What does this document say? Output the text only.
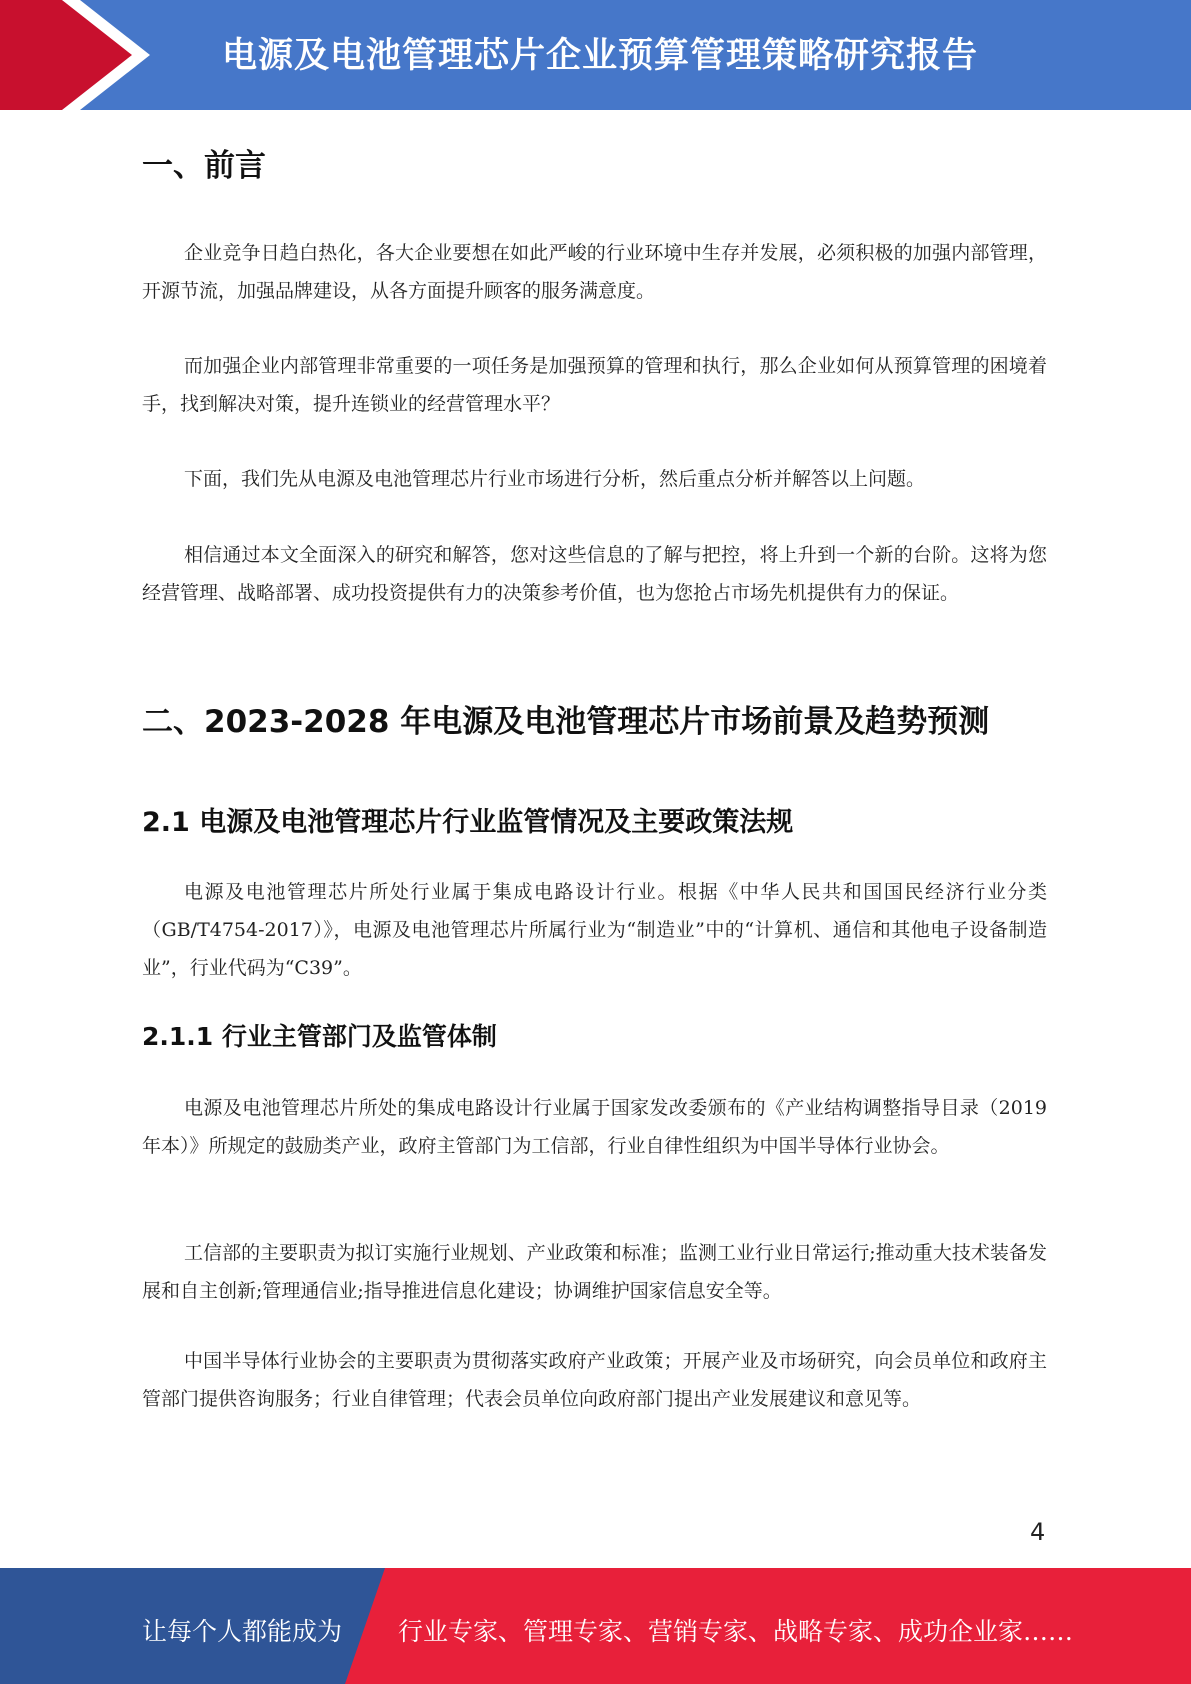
电源及电池管理芯片企业预算管理策略研究报告
一、前言

企业竞争日趋白热化，各大企业要想在如此严峻的行业环境中生存并发展，必须积极的加强内部管理，开源节流，加强品牌建设，从各方面提升顾客的服务满意度。

而加强企业内部管理非常重要的一项任务是加强预算的管理和执行，那么企业如何从预算管理的困境着手，找到解决对策，提升连锁业的经营管理水平？

下面，我们先从电源及电池管理芯片行业市场进行分析，然后重点分析并解答以上问题。

相信通过本文全面深入的研究和解答，您对这些信息的了解与把控，将上升到一个新的台阶。这将为您经营管理、战略部署、成功投资提供有力的决策参考价值，也为您抢占市场先机提供有力的保证。

二、2023-2028 年电源及电池管理芯片市场前景及趋势预测
2.1 电源及电池管理芯片行业监管情况及主要政策法规

电源及电池管理芯片所处行业属于集成电路设计行业。根据《中华人民共和国国民经济行业分类（GB/T4754-2017）》，电源及电池管理芯片所属行业为“制造业”中的“计算机、通信和其他电子设备制造业”，行业代码为“C39”。

2.1.1 行业主管部门及监管体制

电源及电池管理芯片所处的集成电路设计行业属于国家发改委颁布的《产业结构调整指导目录（2019 年本）》所规定的鼓励类产业，政府主管部门为工信部，行业自律性组织为中国半导体行业协会。

工信部的主要职责为拟订实施行业规划、产业政策和标准；监测工业行业日常运行;推动重大技术装备发展和自主创新;管理通信业;指导推进信息化建设；协调维护国家信息安全等。

中国半导体行业协会的主要职责为贯彻落实政府产业政策；开展产业及市场研究，向会员单位和政府主管部门提供咨询服务；行业自律管理；代表会员单位向政府部门提出产业发展建议和意见等。

4
让每个人都能成为 行业专家、管理专家、营销专家、战略专家、成功企业家……
